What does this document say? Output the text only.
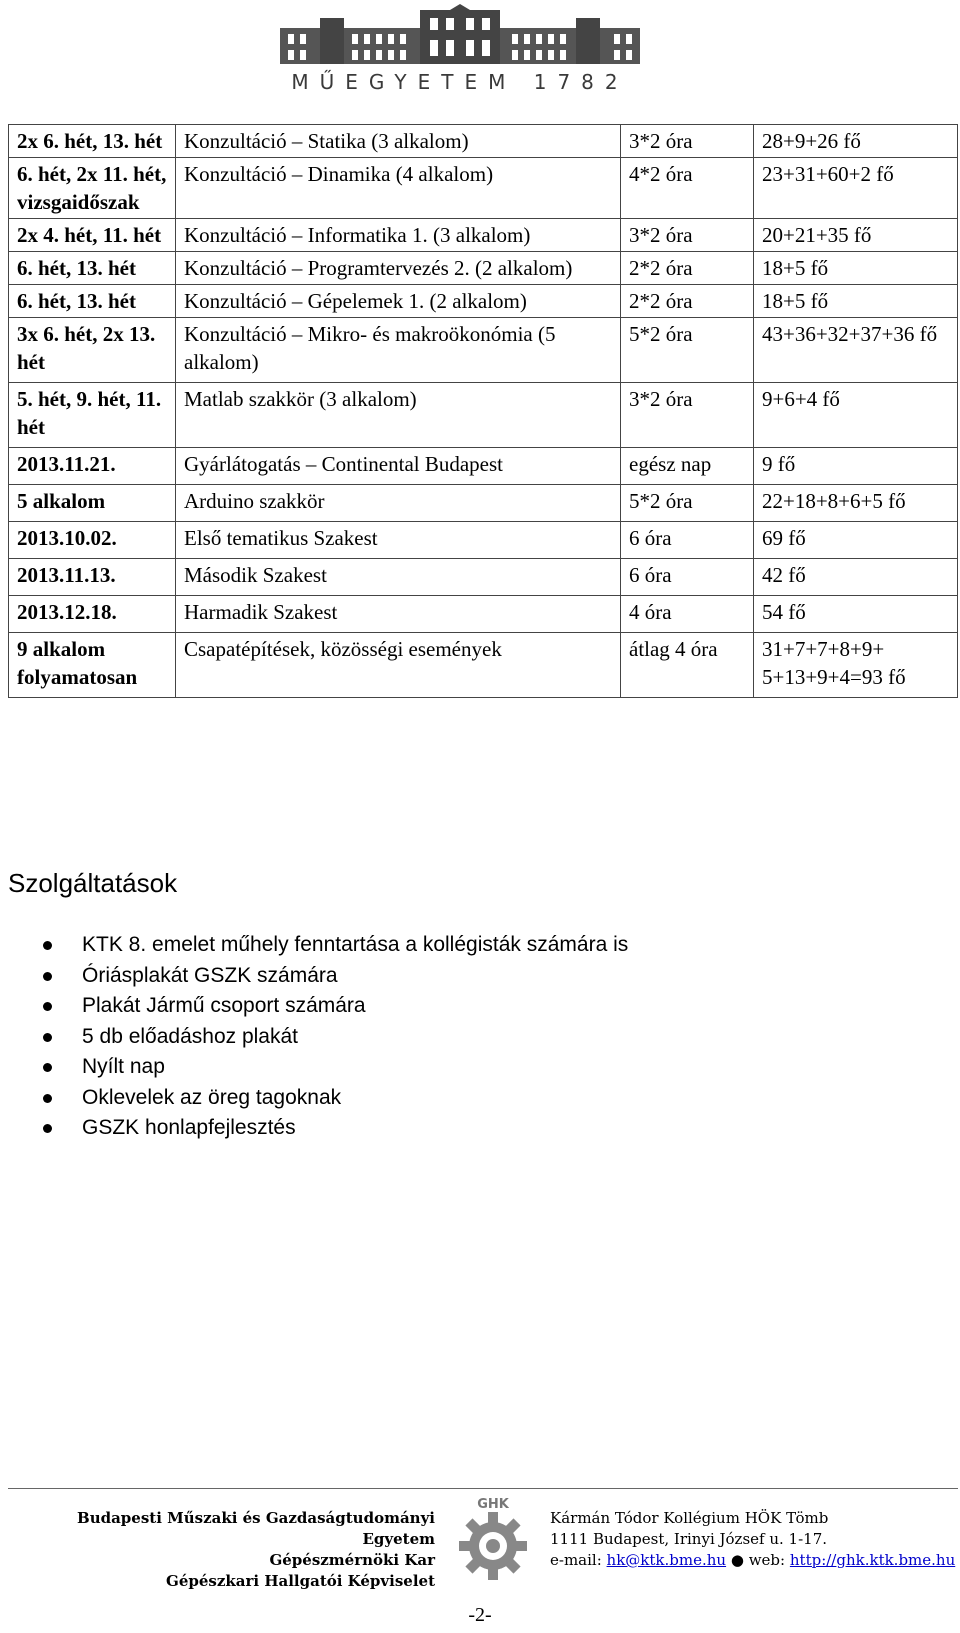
MŰEGYETEM 1782
2x 6. hét, 13. hét	Konzultáció – Statika (3 alkalom)	3*2 óra	28+9+26 fő
6. hét, 2x 11. hét, vizsgaidőszak	Konzultáció – Dinamika (4 alkalom)	4*2 óra	23+31+60+2 fő
2x 4. hét, 11. hét	Konzultáció – Informatika 1. (3 alkalom)	3*2 óra	20+21+35 fő
6. hét, 13. hét	Konzultáció – Programtervezés 2. (2 alkalom)	2*2 óra	18+5 fő
6. hét, 13. hét	Konzultáció – Gépelemek 1. (2 alkalom)	2*2 óra	18+5 fő
3x 6. hét, 2x 13. hét	Konzultáció – Mikro- és makroökonómia (5 alkalom)	5*2 óra	43+36+32+37+36 fő
5. hét, 9. hét, 11. hét	Matlab szakkör (3 alkalom)	3*2 óra	9+6+4 fő
2013.11.21.	Gyárlátogatás – Continental Budapest	egész nap	9 fő
5 alkalom	Arduino szakkör	5*2 óra	22+18+8+6+5 fő
2013.10.02.	Első tematikus Szakest	6 óra	69 fő
2013.11.13.	Második Szakest	6 óra	42 fő
2013.12.18.	Harmadik Szakest	4 óra	54 fő
9 alkalom folyamatosan	Csapatépítések, közösségi események	átlag 4 óra	31+7+7+8+9+ 5+13+9+4=93 fő
Szolgáltatások
KTK 8. emelet műhely fenntartása a kollégisták számára is
Óriásplakát GSZK számára
Plakát Jármű csoport számára
5 db előadáshoz plakát
Nyílt nap
Oklevelek az öreg tagoknak
GSZK honlapfejlesztés
Budapesti Műszaki és Gazdaságtudományi Egyetem
Gépészmérnöki Kar
Gépészkari Hallgatói Képviselet
GHK
Kármán Tódor Kollégium HÖK Tömb
1111 Budapest, Irinyi József u. 1-17.
e-mail: hk@ktk.bme.hu ● web: http://ghk.ktk.bme.hu
-2-
